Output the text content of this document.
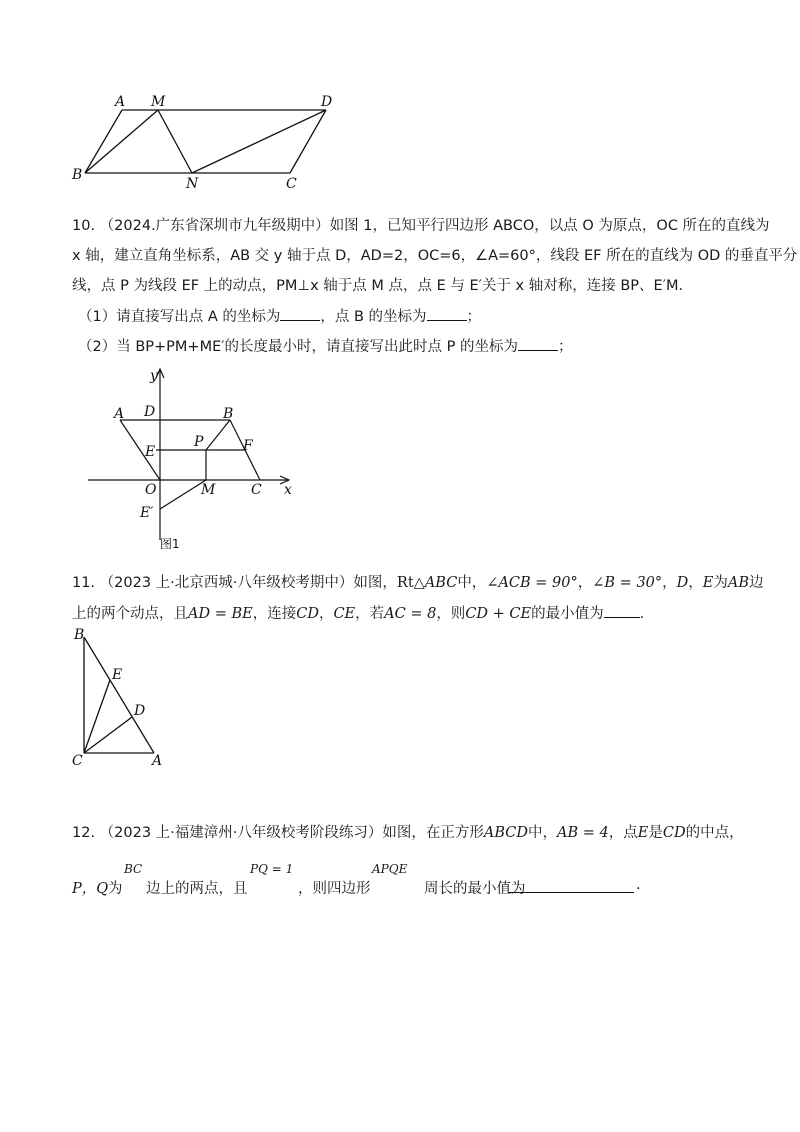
A M	D
B
N	C
10. （2024.广东省深圳市九年级期中）如图 1，已知平行四边形 ABCO，以点 O 为原点，OC 所在的直线为
x 轴，建立直角坐标系，AB 交 y 轴于点 D，AD=2，OC=6，∠A=60°，线段 EF 所在的直线为 OD 的垂直平分
线，点 P 为线段 EF 上的动点，PM⊥x 轴于点 M 点，点 E 与 E′关于 x 轴对称，连接 BP、E′M．
（1）请直接写出点 A 的坐标为	，点 B 的坐标为	；
（2）当 BP+PM+ME′的长度最小时，请直接写出此时点 P 的坐标为	；
y
A D	B
P	F
E
O	M	C x
E′
图1
11. （2023 上·北京西城·八年级校考期中）如图，Rt△ABC中，∠ACB = 90°，∠B = 30°，D，E为AB边
上的两个动点，且AD = BE，连接CD，CE，若AC = 8，则CD + CE的最小值为 .
B
E
D
C	A
12. （2023 上·福建漳州·八年级校考阶段练习）如图，在正方形ABCD中，AB = 4，点E是CD的中点，
P，Q 为
BC
边上的两点，且
PQ = 1
，则四边形
APQE
周长的最小值为	.
